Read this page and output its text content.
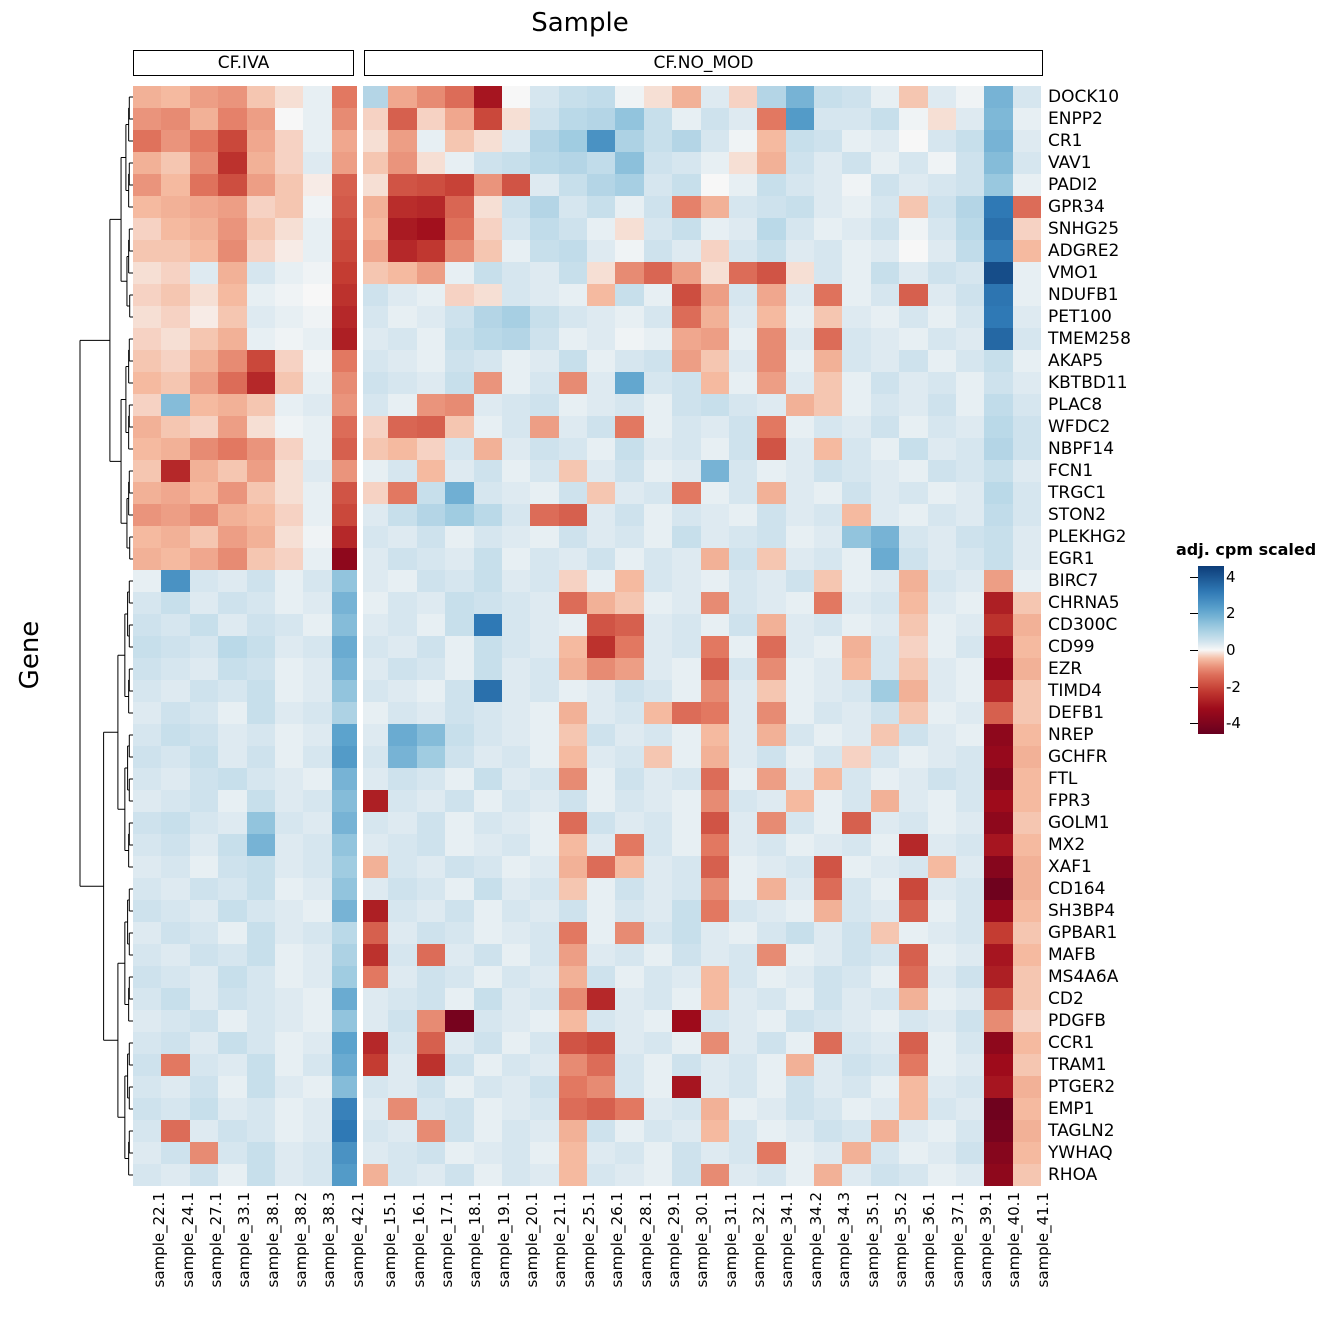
Sample
Gene
CF.IVA	CF.NO_MOD
DOCK10
ENPP2
CR1
VAV1
PADI2
GPR34
SNHG25
ADGRE2
VMO1
NDUFB1
PET100
TMEM258
AKAP5
KBTBD11
PLAC8
WFDC2
NBPF14
FCN1
TRGC1
STON2
PLEKHG2
EGR1
BIRC7
CHRNA5
CD300C
CD99
EZR
TIMD4
DEFB1
NREP
GCHFR
FTL
FPR3
GOLM1
MX2
XAF1
CD164
SH3BP4
GPBAR1
MAFB
MS4A6A
CD2
PDGFB
CCR1
TRAM1
PTGER2
EMP1
TAGLN2
YWHAQ
RHOA
sample_22.1 sample_24.1 sample_27.1 sample_33.1 sample_38.1 sample_38.2 sample_38.3 sample_42.1 sample_15.1 sample_16.1 sample_17.1 sample_18.1 sample_19.1 sample_20.1 sample_21.1 sample_25.1 sample_26.1 sample_28.1 sample_29.1 sample_30.1 sample_31.1 sample_32.1 sample_34.1 sample_34.2 sample_34.3 sample_35.1 sample_35.2 sample_36.1 sample_37.1 sample_39.1 sample_40.1 sample_41.1
adj. cpm scaled
4
2
0
-2
-4
